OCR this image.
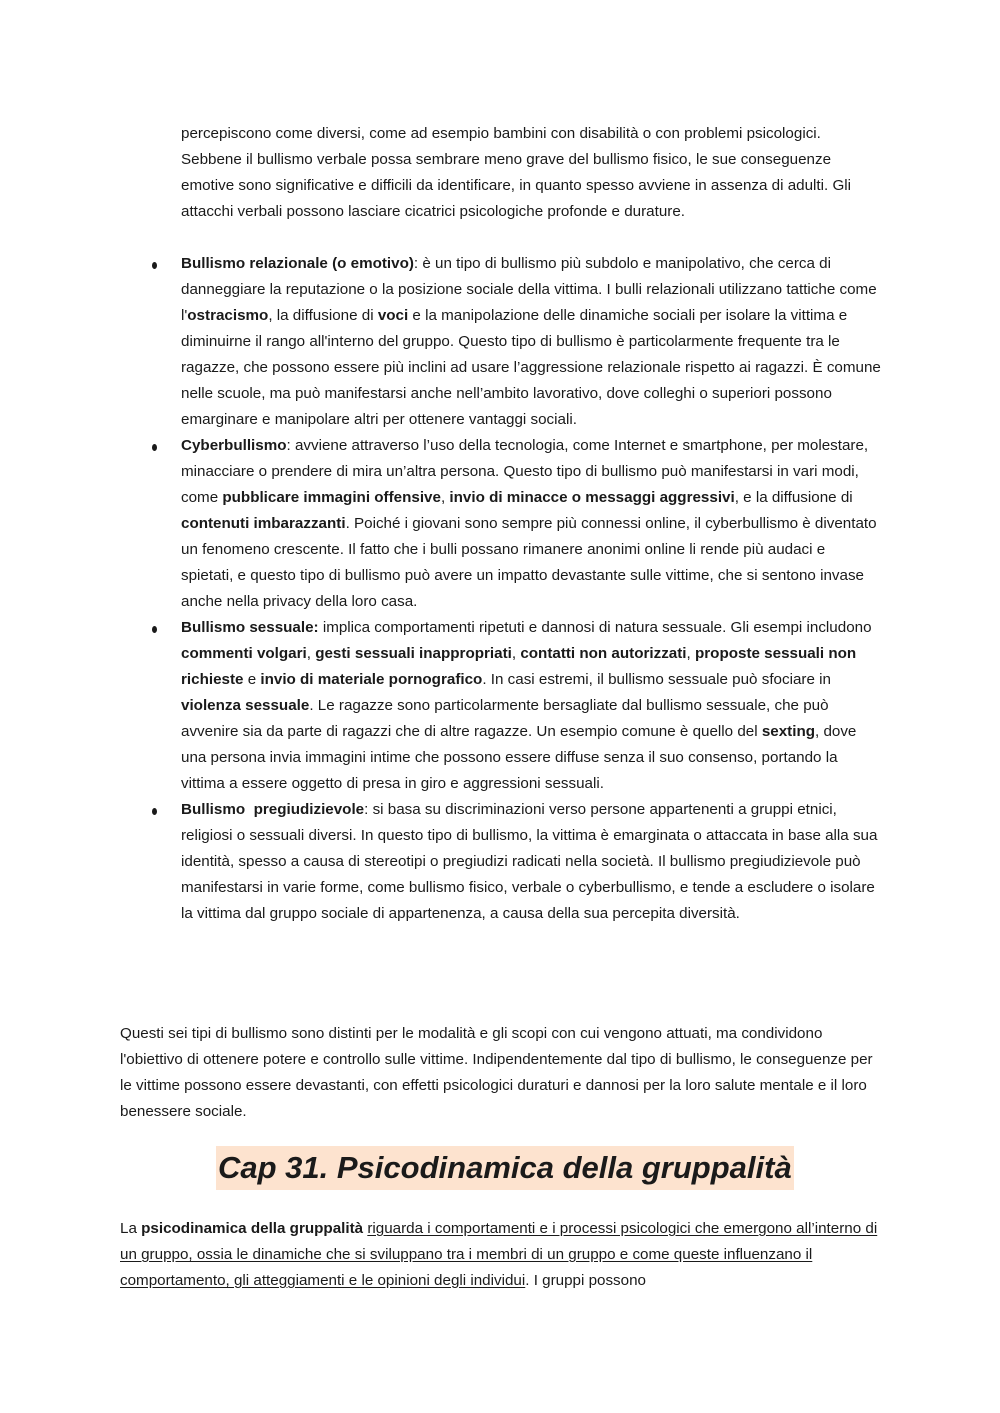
percepiscono come diversi, come ad esempio bambini con disabilità o con problemi psicologici. Sebbene il bullismo verbale possa sembrare meno grave del bullismo fisico, le sue conseguenze emotive sono significative e difficili da identificare, in quanto spesso avviene in assenza di adulti. Gli attacchi verbali possono lasciare cicatrici psicologiche profonde e durature.

Bullismo relazionale (o emotivo): è un tipo di bullismo più subdolo e manipolativo, che cerca di danneggiare la reputazione o la posizione sociale della vittima. I bulli relazionali utilizzano tattiche come l'ostracismo, la diffusione di voci e la manipolazione delle dinamiche sociali per isolare la vittima e diminuirne il rango all'interno del gruppo. Questo tipo di bullismo è particolarmente frequente tra le ragazze, che possono essere più inclini ad usare l’aggressione relazionale rispetto ai ragazzi. È comune nelle scuole, ma può manifestarsi anche nell’ambito lavorativo, dove colleghi o superiori possono emarginare e manipolare altri per ottenere vantaggi sociali.
Cyberbullismo: avviene attraverso l’uso della tecnologia, come Internet e smartphone, per molestare, minacciare o prendere di mira un’altra persona. Questo tipo di bullismo può manifestarsi in vari modi, come pubblicare immagini offensive, invio di minacce o messaggi aggressivi, e la diffusione di contenuti imbarazzanti. Poiché i giovani sono sempre più connessi online, il cyberbullismo è diventato un fenomeno crescente. Il fatto che i bulli possano rimanere anonimi online li rende più audaci e spietati, e questo tipo di bullismo può avere un impatto devastante sulle vittime, che si sentono invase anche nella privacy della loro casa.
Bullismo sessuale: implica comportamenti ripetuti e dannosi di natura sessuale. Gli esempi includono commenti volgari, gesti sessuali inappropriati, contatti non autorizzati, proposte sessuali non richieste e invio di materiale pornografico. In casi estremi, il bullismo sessuale può sfociare in violenza sessuale. Le ragazze sono particolarmente bersagliate dal bullismo sessuale, che può avvenire sia da parte di ragazzi che di altre ragazze. Un esempio comune è quello del sexting, dove una persona invia immagini intime che possono essere diffuse senza il suo consenso, portando la vittima a essere oggetto di presa in giro e aggressioni sessuali.
Bullismo  pregiudizievole: si basa su discriminazioni verso persone appartenenti a gruppi etnici, religiosi o sessuali diversi. In questo tipo di bullismo, la vittima è emarginata o attaccata in base alla sua identità, spesso a causa di stereotipi o pregiudizi radicati nella società. Il bullismo pregiudizievole può manifestarsi in varie forme, come bullismo fisico, verbale o cyberbullismo, e tende a escludere o isolare la vittima dal gruppo sociale di appartenenza, a causa della sua percepita diversità.

Questi sei tipi di bullismo sono distinti per le modalità e gli scopi con cui vengono attuati, ma condividono l'obiettivo di ottenere potere e controllo sulle vittime. Indipendentemente dal tipo di bullismo, le conseguenze per le vittime possono essere devastanti, con effetti psicologici duraturi e dannosi per la loro salute mentale e il loro benessere sociale.

Cap 31. Psicodinamica della gruppalità

La psicodinamica della gruppalità riguarda i comportamenti e i processi psicologici che emergono all’interno di un gruppo, ossia le dinamiche che si sviluppano tra i membri di un gruppo e come queste influenzano il comportamento, gli atteggiamenti e le opinioni degli individui. I gruppi possono
